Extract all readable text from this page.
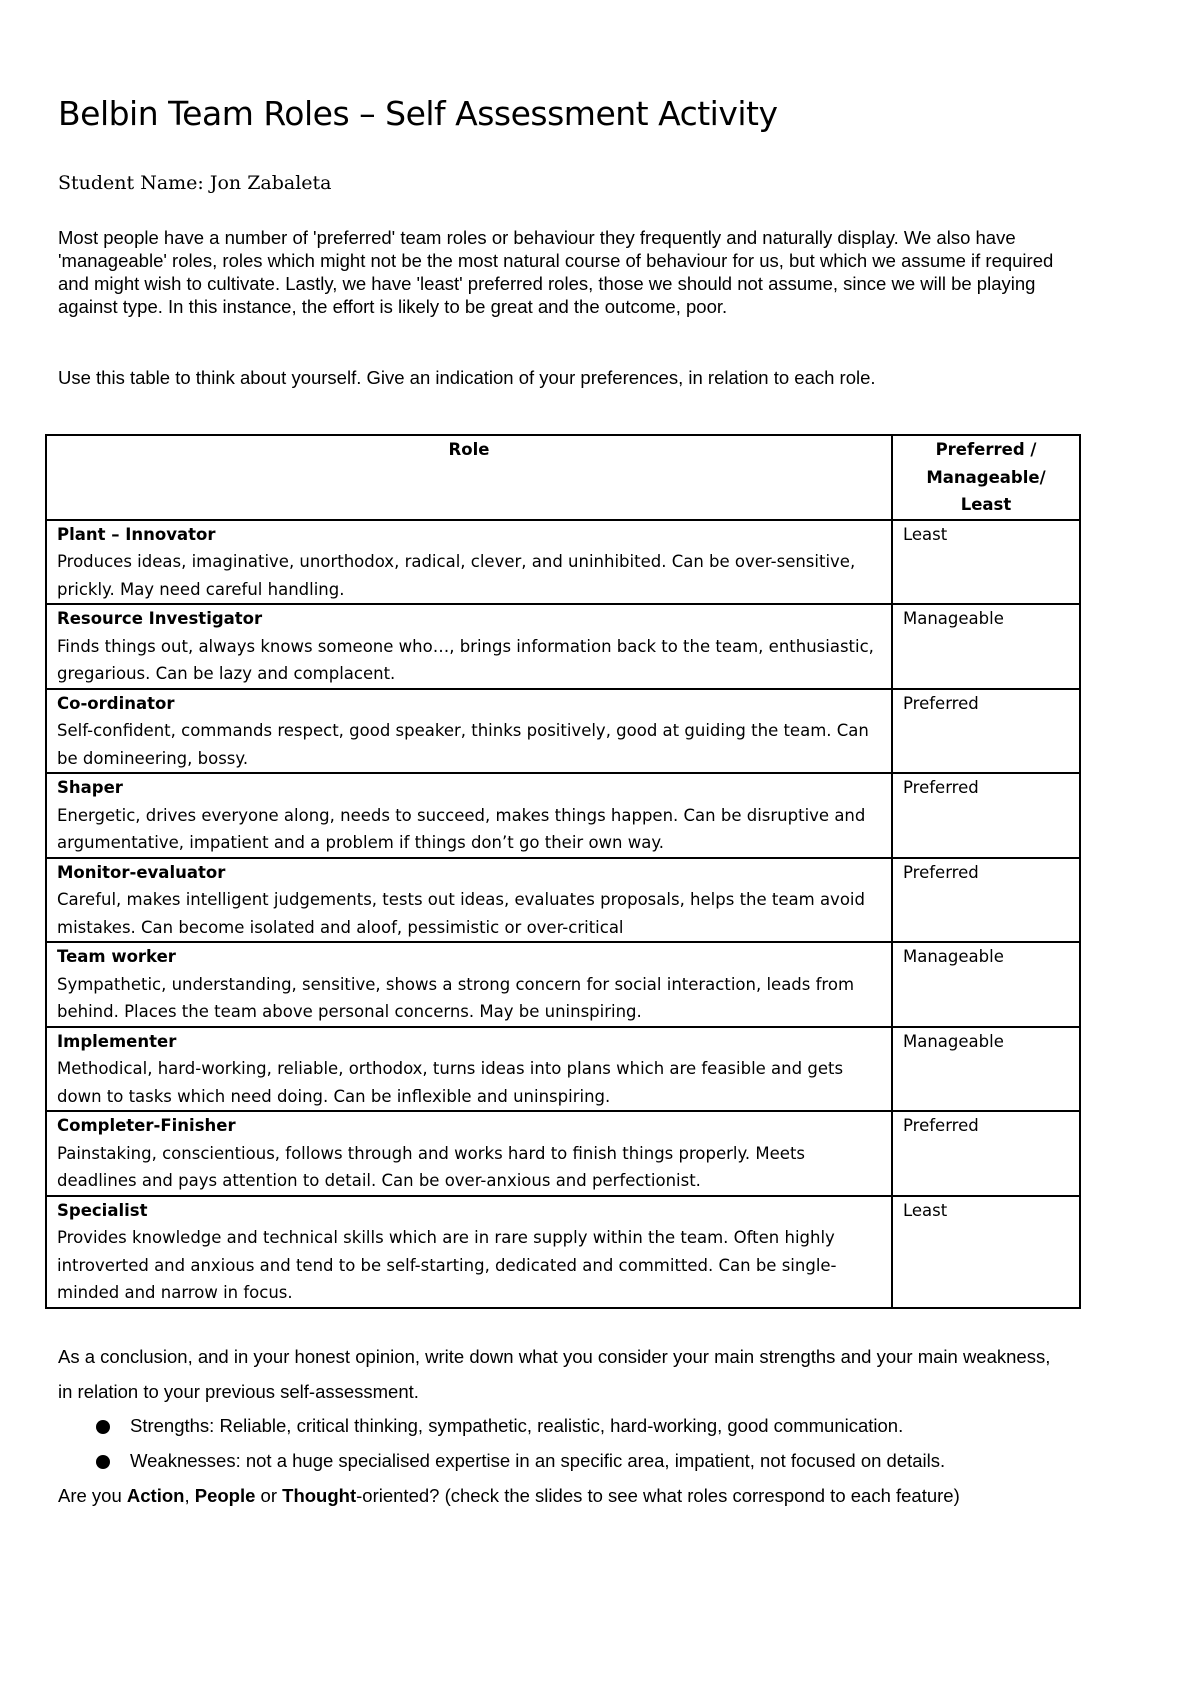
Belbin Team Roles – Self Assessment Activity
Student Name: Jon Zabaleta

Most people have a number of 'preferred' team roles or behaviour they frequently and naturally display. We also have 'manageable' roles, roles which might not be the most natural course of behaviour for us, but which we assume if required and might wish to cultivate. Lastly, we have 'least' preferred roles, those we should not assume, since we will be playing against type. In this instance, the effort is likely to be great and the outcome, poor.

Use this table to think about yourself. Give an indication of your preferences, in relation to each role.

Role	Preferred / Manageable/ Least

Plant – Innovator
Produces ideas, imaginative, unorthodox, radical, clever, and uninhibited. Can be over-sensitive, prickly. May need careful handling.	Least

Resource Investigator
Finds things out, always knows someone who…, brings information back to the team, enthusiastic, gregarious. Can be lazy and complacent.	Manageable

Co-ordinator
Self-confident, commands respect, good speaker, thinks positively, good at guiding the team. Can be domineering, bossy.	Preferred

Shaper
Energetic, drives everyone along, needs to succeed, makes things happen. Can be disruptive and argumentative, impatient and a problem if things don’t go their own way.	Preferred

Monitor-evaluator
Careful, makes intelligent judgements, tests out ideas, evaluates proposals, helps the team avoid mistakes. Can become isolated and aloof, pessimistic or over-critical	Preferred

Team worker
Sympathetic, understanding, sensitive, shows a strong concern for social interaction, leads from behind. Places the team above personal concerns. May be uninspiring.	Manageable

Implementer
Methodical, hard-working, reliable, orthodox, turns ideas into plans which are feasible and gets down to tasks which need doing. Can be inflexible and uninspiring.	Manageable

Completer-Finisher
Painstaking, conscientious, follows through and works hard to finish things properly. Meets deadlines and pays attention to detail. Can be over-anxious and perfectionist.	Preferred

Specialist
Provides knowledge and technical skills which are in rare supply within the team. Often highly introverted and anxious and tend to be self-starting, dedicated and committed. Can be single-minded and narrow in focus.	Least

As a conclusion, and in your honest opinion, write down what you consider your main strengths and your main weakness, in relation to your previous self-assessment.

Strengths: Reliable, critical thinking, sympathetic, realistic, hard-working, good communication.
Weaknesses: not a huge specialised expertise in an specific area, impatient, not focused on details.

Are you Action, People or Thought-oriented? (check the slides to see what roles correspond to each feature)
